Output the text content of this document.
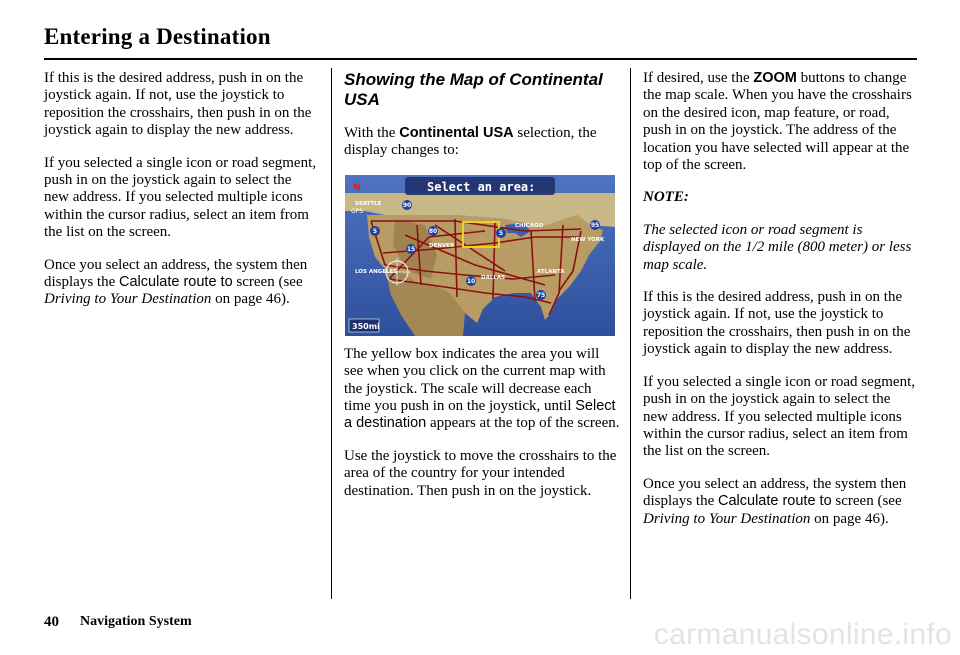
Entering a Destination

If this is the desired address, push in on the joystick again. If not, use the joystick to reposition the crosshairs, then push in on the joystick again to display the new address.

If you selected a single icon or road segment, push in on the joystick again to select the new address. If you selected multiple icons within the cursor radius, select an item from the list on the screen.

Once you select an address, the system then displays the Calculate route to screen (see Driving to Your Destination on page 46).

Showing the Map of Continental USA

With the Continental USA selection, the display changes to:

Select an area:
N
GPS
SEATTLE
CHICAGO
NEW YORK
DENVER
LOS ANGELES	ATLANTA
DALLAS
90
5	80
15
95
5
10
75
350mi

The yellow box indicates the area you will see when you click on the current map with the joystick. The scale will decrease each time you push in on the joystick, until Select a destination appears at the top of the screen.

Use the joystick to move the crosshairs to the area of the country for your intended destination. Then push in on the joystick.

If desired, use the ZOOM buttons to change the map scale. When you have the crosshairs on the desired icon, map feature, or road, push in on the joystick. The address of the location you have selected will appear at the top of the screen.

NOTE:

The selected icon or road segment is displayed on the 1/2 mile (800 meter) or less map scale.

If this is the desired address, push in on the joystick again. If not, use the joystick to reposition the crosshairs, then push in on the joystick again to display the new address.

If you selected a single icon or road segment, push in on the joystick again to select the new address. If you selected multiple icons within the cursor radius, select an item from the list on the screen.

Once you select an address, the system then displays the Calculate route to screen (see Driving to Your Destination on page 46).

40 Navigation System	carmanualsonline.info
